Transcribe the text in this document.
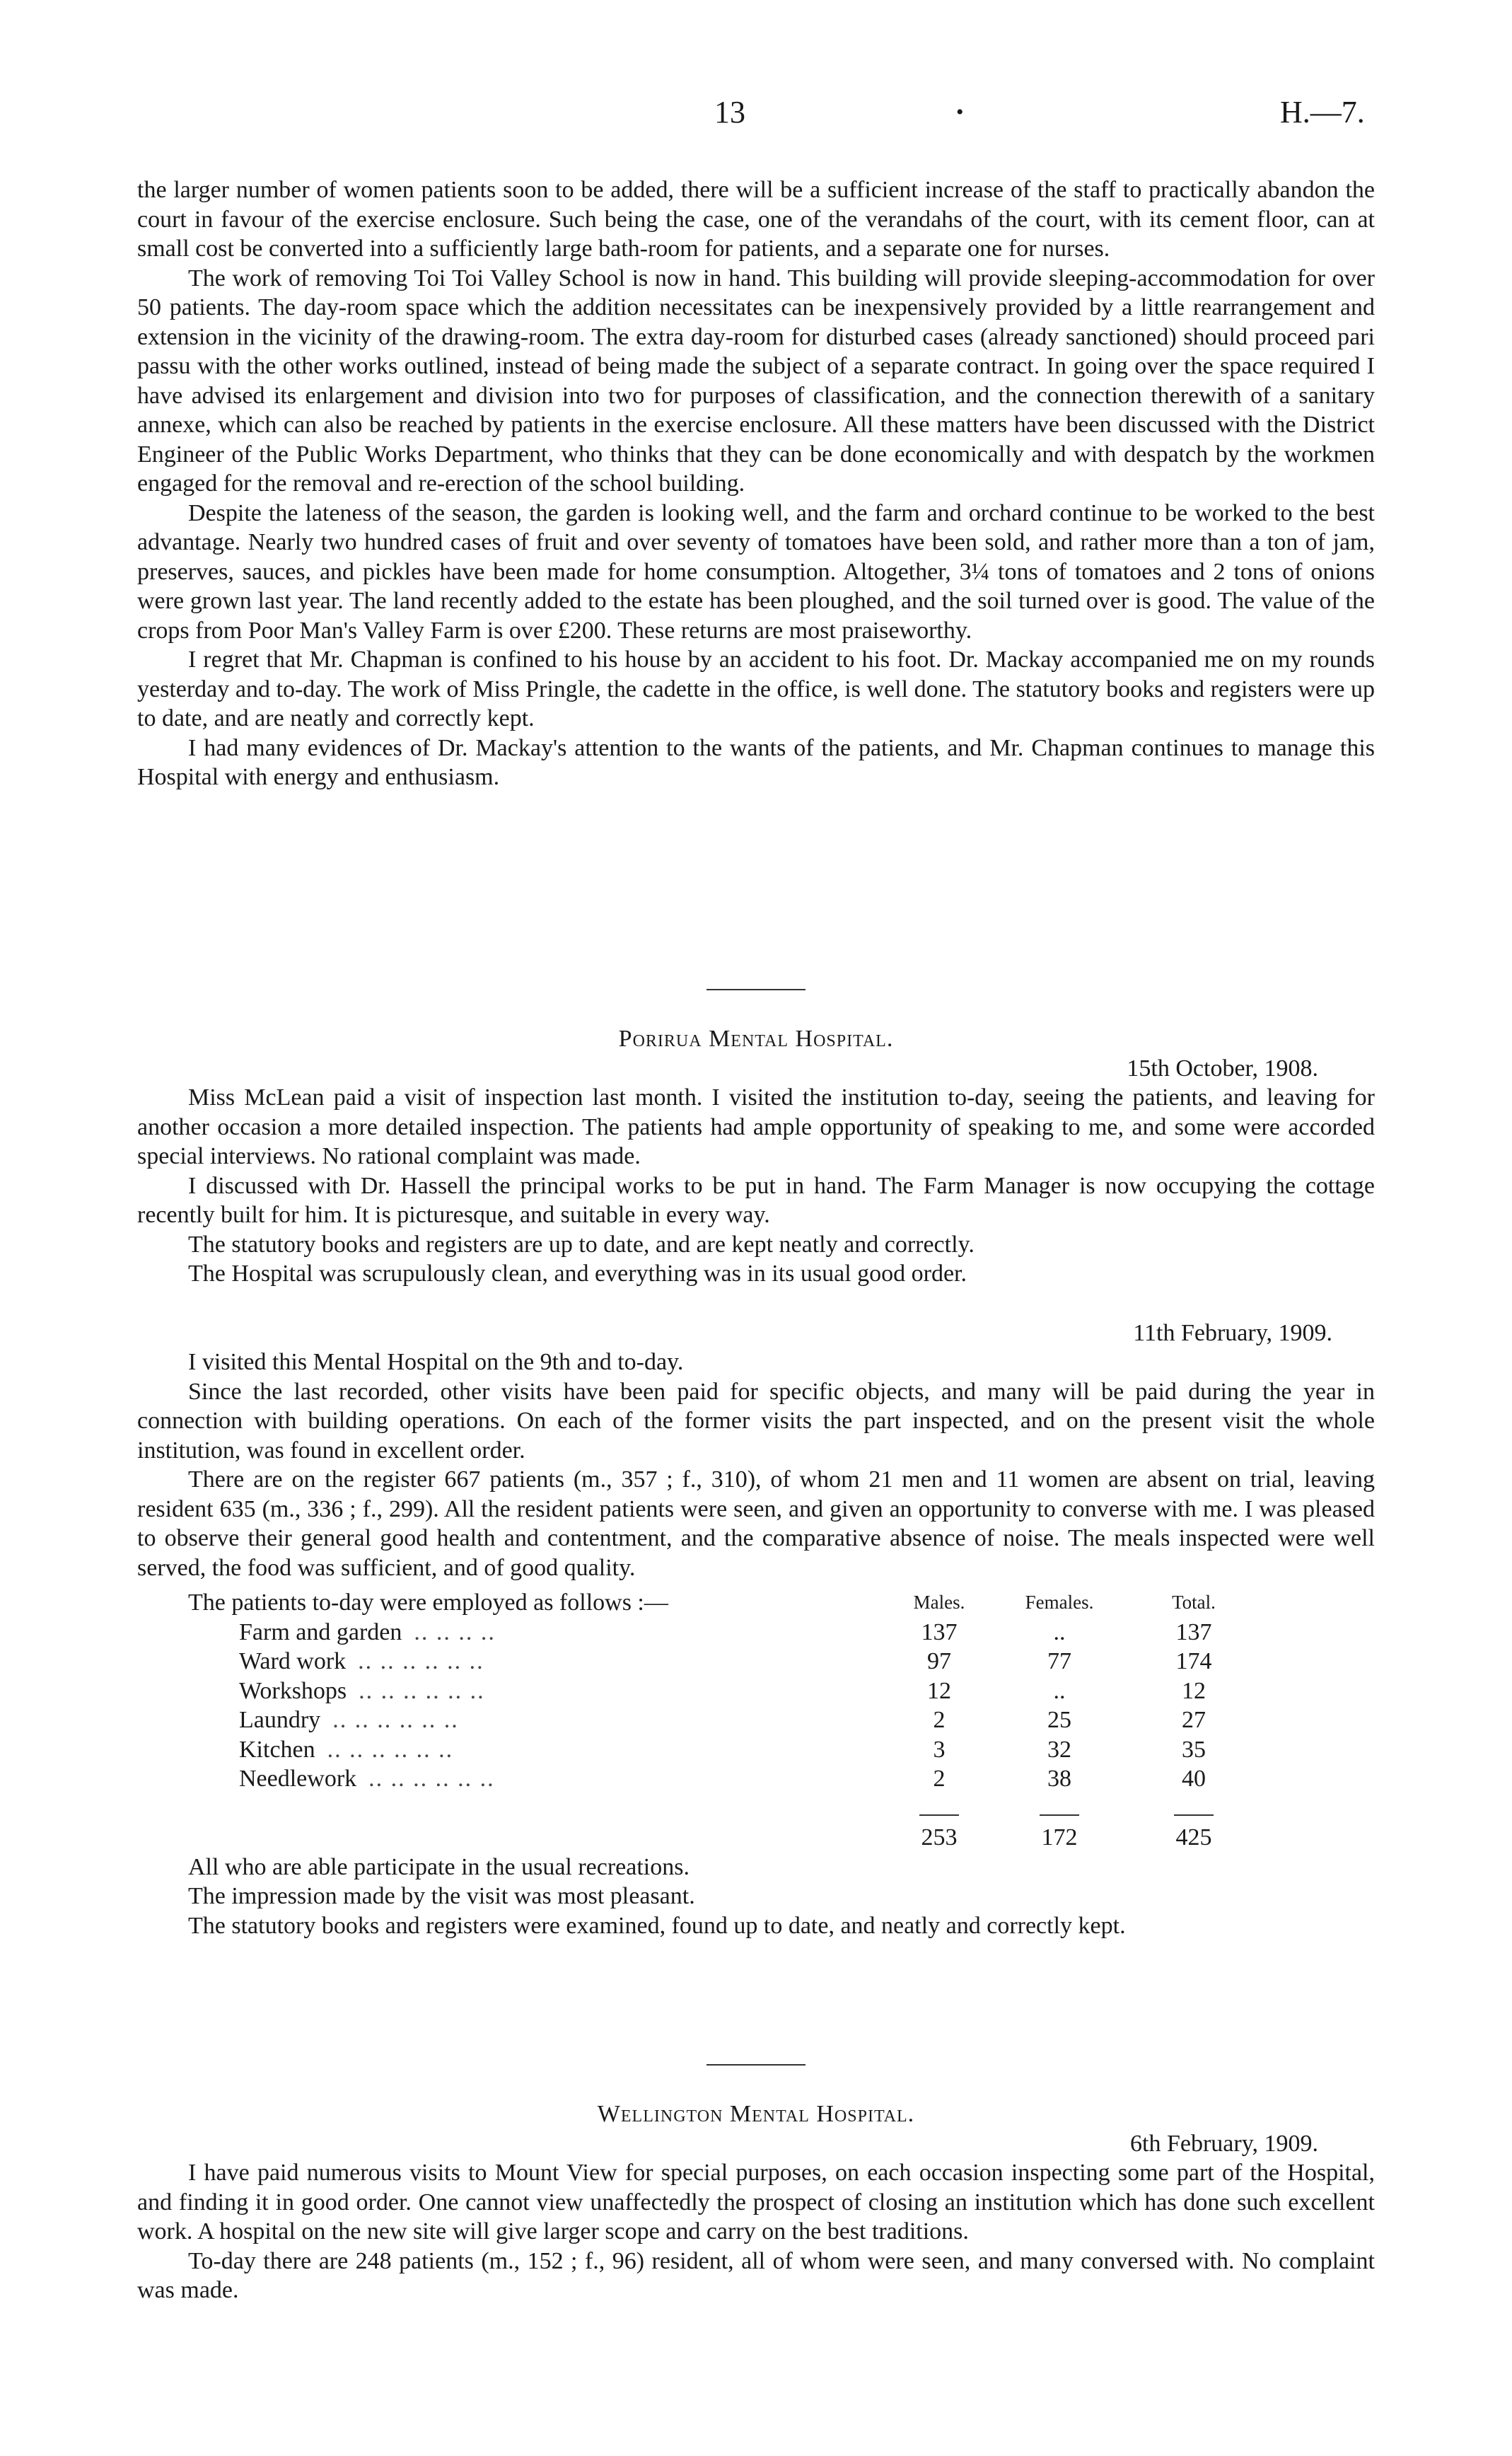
13	•	H.—7.

the larger number of women patients soon to be added, there will be a sufficient increase of the staff to practically abandon the court in favour of the exercise enclosure. Such being the case, one of the verandahs of the court, with its cement floor, can at small cost be converted into a sufficiently large bath-room for patients, and a separate one for nurses.

The work of removing Toi Toi Valley School is now in hand. This building will provide sleeping-accommodation for over 50 patients. The day-room space which the addition necessitates can be inexpensively provided by a little rearrangement and extension in the vicinity of the drawing-room. The extra day-room for disturbed cases (already sanctioned) should proceed pari passu with the other works outlined, instead of being made the subject of a separate contract. In going over the space required I have advised its enlargement and division into two for purposes of classification, and the connection therewith of a sanitary annexe, which can also be reached by patients in the exercise enclosure. All these matters have been discussed with the District Engineer of the Public Works Department, who thinks that they can be done economically and with despatch by the workmen engaged for the removal and re-erection of the school building.

Despite the lateness of the season, the garden is looking well, and the farm and orchard continue to be worked to the best advantage. Nearly two hundred cases of fruit and over seventy of tomatoes have been sold, and rather more than a ton of jam, preserves, sauces, and pickles have been made for home consumption. Altogether, 3¼ tons of tomatoes and 2 tons of onions were grown last year. The land recently added to the estate has been ploughed, and the soil turned over is good. The value of the crops from Poor Man's Valley Farm is over £200. These returns are most praiseworthy.

I regret that Mr. Chapman is confined to his house by an accident to his foot. Dr. Mackay accompanied me on my rounds yesterday and to-day. The work of Miss Pringle, the cadette in the office, is well done. The statutory books and registers were up to date, and are neatly and correctly kept.

I had many evidences of Dr. Mackay's attention to the wants of the patients, and Mr. Chapman continues to manage this Hospital with energy and enthusiasm.

Porirua Mental Hospital.
15th October, 1908.

Miss McLean paid a visit of inspection last month. I visited the institution to-day, seeing the patients, and leaving for another occasion a more detailed inspection. The patients had ample opportunity of speaking to me, and some were accorded special interviews. No rational complaint was made.

I discussed with Dr. Hassell the principal works to be put in hand. The Farm Manager is now occupying the cottage recently built for him. It is picturesque, and suitable in every way.

The statutory books and registers are up to date, and are kept neatly and correctly.

The Hospital was scrupulously clean, and everything was in its usual good order.

11th February, 1909.

I visited this Mental Hospital on the 9th and to-day.

Since the last recorded, other visits have been paid for specific objects, and many will be paid during the year in connection with building operations. On each of the former visits the part inspected, and on the present visit the whole institution, was found in excellent order.

There are on the register 667 patients (m., 357 ; f., 310), of whom 21 men and 11 women are absent on trial, leaving resident 635 (m., 336 ; f., 299). All the resident patients were seen, and given an opportunity to converse with me. I was pleased to observe their general good health and contentment, and the comparative absence of noise. The meals inspected were well served, the food was sufficient, and of good quality.

The patients to-day were employed as follows :—	Males.	Females.	Total.
Farm and garden .. .. .. ..	137	..	137
Ward work .. .. .. .. .. ..	97	77	174
Workshops .. .. .. .. .. ..	12	..	12
Laundry .. .. .. .. .. ..	2	25	27
Kitchen .. .. .. .. .. ..	3	32	35
Needlework .. .. .. .. .. ..	2	38	40

	253	172	425

All who are able participate in the usual recreations.

The impression made by the visit was most pleasant.

The statutory books and registers were examined, found up to date, and neatly and correctly kept.

Wellington Mental Hospital.
6th February, 1909.

I have paid numerous visits to Mount View for special purposes, on each occasion inspecting some part of the Hospital, and finding it in good order. One cannot view unaffectedly the prospect of closing an institution which has done such excellent work. A hospital on the new site will give larger scope and carry on the best traditions.

To-day there are 248 patients (m., 152 ; f., 96) resident, all of whom were seen, and many conversed with. No complaint was made.
